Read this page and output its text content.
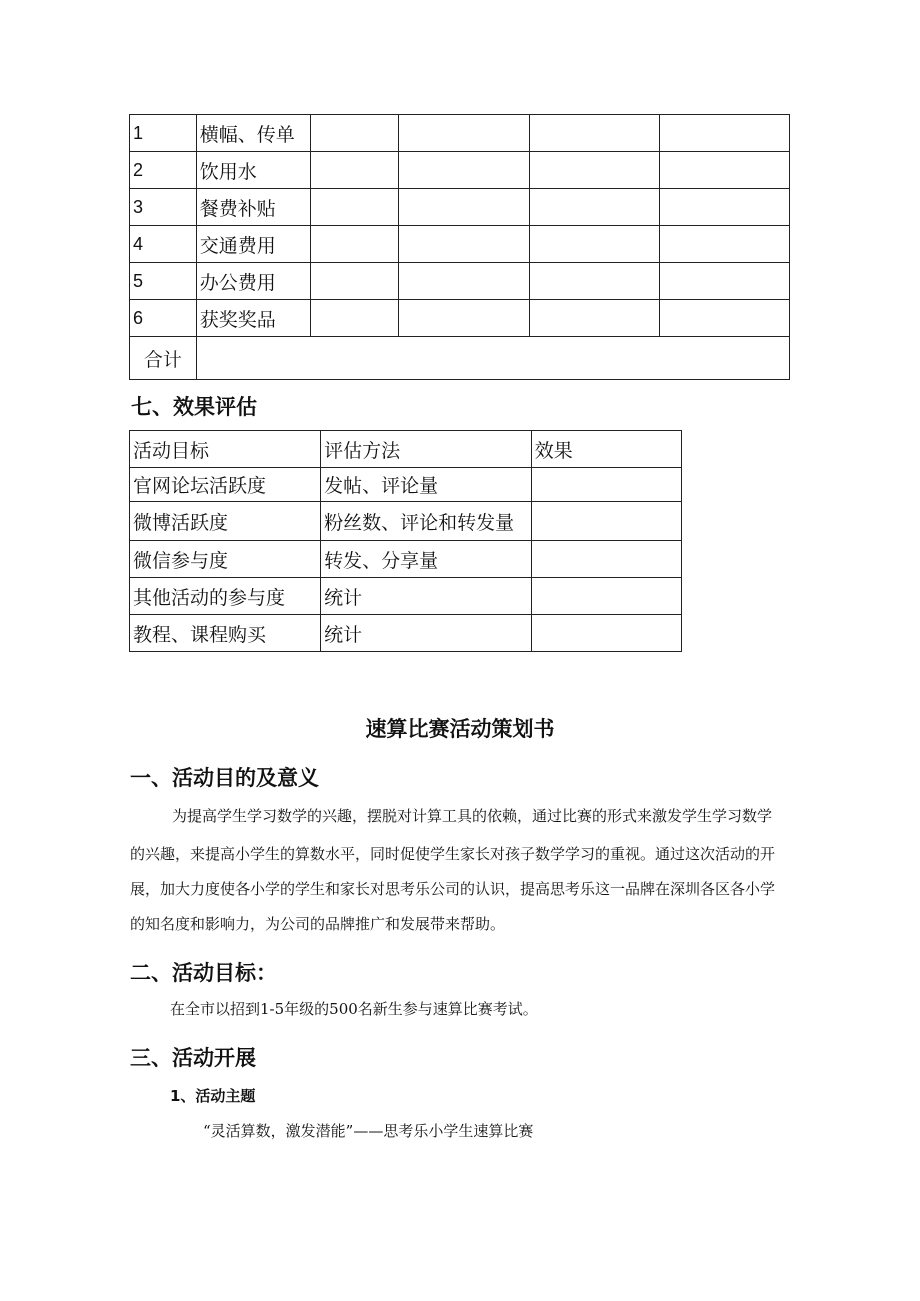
1	横幅、传单				
2	饮用水				
3	餐费补贴				
4	交通费用				
5	办公费用				
6	获奖奖品				
合计					
七、效果评估
活动目标	评估方法	效果
官网论坛活跃度	发帖、评论量	
微博活跃度	粉丝数、评论和转发量	
微信参与度	转发、分享量	
其他活动的参与度	统计	
教程、课程购买	统计	
速算比赛活动策划书
一、活动目的及意义

为提高学生学习数学的兴趣，摆脱对计算工具的依赖，通过比赛的形式来激发学生学习数学

的兴趣，来提高小学生的算数水平，同时促使学生家长对孩子数学学习的重视。通过这次活动的开

展，加大力度使各小学的学生和家长对思考乐公司的认识，提高思考乐这一品牌在深圳各区各小学

的知名度和影响力，为公司的品牌推广和发展带来帮助。

二、活动目标：

在全市以招到1-5年级的500名新生参与速算比赛考试。

三、活动开展

1、活动主题

“灵活算数，激发潜能”——思考乐小学生速算比赛
